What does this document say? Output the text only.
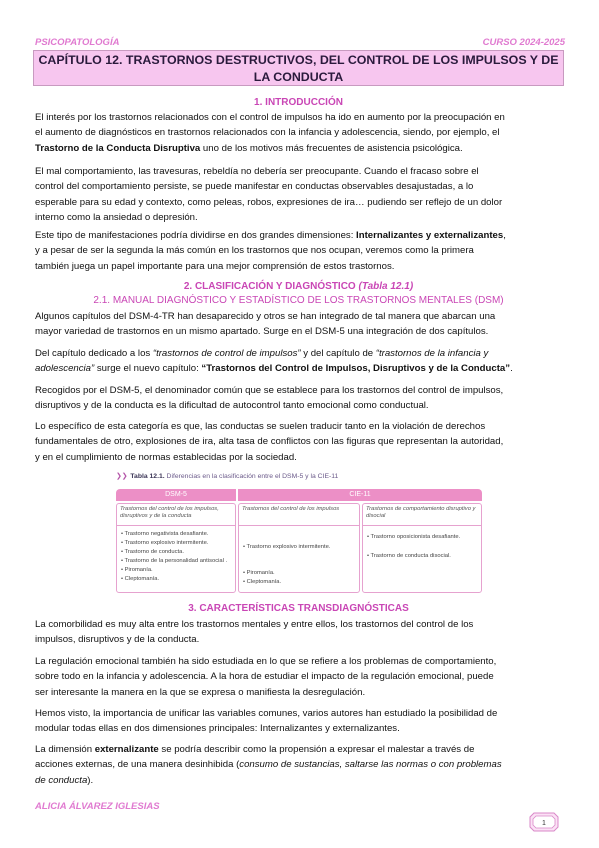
PSICOPATOLOGÍA	CURSO 2024-2025
CAPÍTULO 12. TRASTORNOS DESTRUCTIVOS, DEL CONTROL DE LOS IMPULSOS Y DE
LA CONDUCTA
1. INTRODUCCIÓN
El interés por los trastornos relacionados con el control de impulsos ha ido en aumento por la preocupación en
el aumento de diagnósticos en trastornos relacionados con la infancia y adolescencia, siendo, por ejemplo, el
Trastorno de la Conducta Disruptiva uno de los motivos más frecuentes de asistencia psicológica.
El mal comportamiento, las travesuras, rebeldía no debería ser preocupante. Cuando el fracaso sobre el
control del comportamiento persiste, se puede manifestar en conductas observables desajustadas, a lo
esperable para su edad y contexto, como peleas, robos, expresiones de ira… pudiendo ser reflejo de un dolor
interno como la ansiedad o depresión.
Este tipo de manifestaciones podría dividirse en dos grandes dimensiones: Internalizantes y externalizantes,
y a pesar de ser la segunda la más común en los trastornos que nos ocupan, veremos como la primera
también juega un papel importante para una mejor comprensión de estos trastornos.
2. CLASIFICACIÓN Y DIAGNÓSTICO (Tabla 12.1)
2.1. MANUAL DIAGNÓSTICO Y ESTADÍSTICO DE LOS TRASTORNOS MENTALES (DSM)
Algunos capítulos del DSM-4-TR han desaparecido y otros se han integrado de tal manera que abarcan una
mayor variedad de trastornos en un mismo apartado. Surge en el DSM-5 una integración de dos capítulos.
Del capítulo dedicado a los “trastornos de control de impulsos” y del capítulo de “trastornos de la infancia y
adolescencia” surge el nuevo capítulo: “Trastornos del Control de Impulsos, Disruptivos y de la Conducta”.
Recogidos por el DSM-5, el denominador común que se establece para los trastornos del control de impulsos,
disruptivos y de la conducta es la dificultad de autocontrol tanto emocional como conductual.
Lo específico de esta categoría es que, las conductas se suelen traducir tanto en la violación de derechos
fundamentales de otro, explosiones de ira, alta tasa de conflictos con las figuras que representan la autoridad,
y en el cumplimiento de normas establecidas por la sociedad.
❯❯ Tabla 12.1. Diferencias en la clasificación entre el DSM-5 y la CIE-11
DSM-5	CIE-11
Trastornos del control de los impulsos, disruptivos y de la conducta
• Trastorno negativista desafiante.
• Trastorno explosivo intermitente.
• Trastorno de conducta.
• Trastorno de la personalidad antisocial .
• Piromanía.
• Cleptomanía.
Trastornos del control de los impulsos
• Trastorno explosivo intermitente.
• Piromanía.
• Cleptomanía.
Trastornos de comportamiento disruptivo y disocial
• Trastorno oposicionista desafiante.
• Trastorno de conducta disocial.
3. CARACTERÍSTICAS TRANSDIAGNÓSTICAS
La comorbilidad es muy alta entre los trastornos mentales y entre ellos, los trastornos del control de los
impulsos, disruptivos y de la conducta.
La regulación emocional también ha sido estudiada en lo que se refiere a los problemas de comportamiento,
sobre todo en la infancia y adolescencia. A la hora de estudiar el impacto de la regulación emocional, puede
ser interesante la manera en la que se expresa o manifiesta la desregulación.
Hemos visto, la importancia de unificar las variables comunes, varios autores han estudiado la posibilidad de
modular todas ellas en dos dimensiones principales: Internalizantes y externalizantes.
La dimensión externalizante se podría describir como la propensión a expresar el malestar a través de
acciones externas, de una manera desinhibida (consumo de sustancias, saltarse las normas o con problemas
de conducta).
ALICIA ÁLVAREZ IGLESIAS
1
